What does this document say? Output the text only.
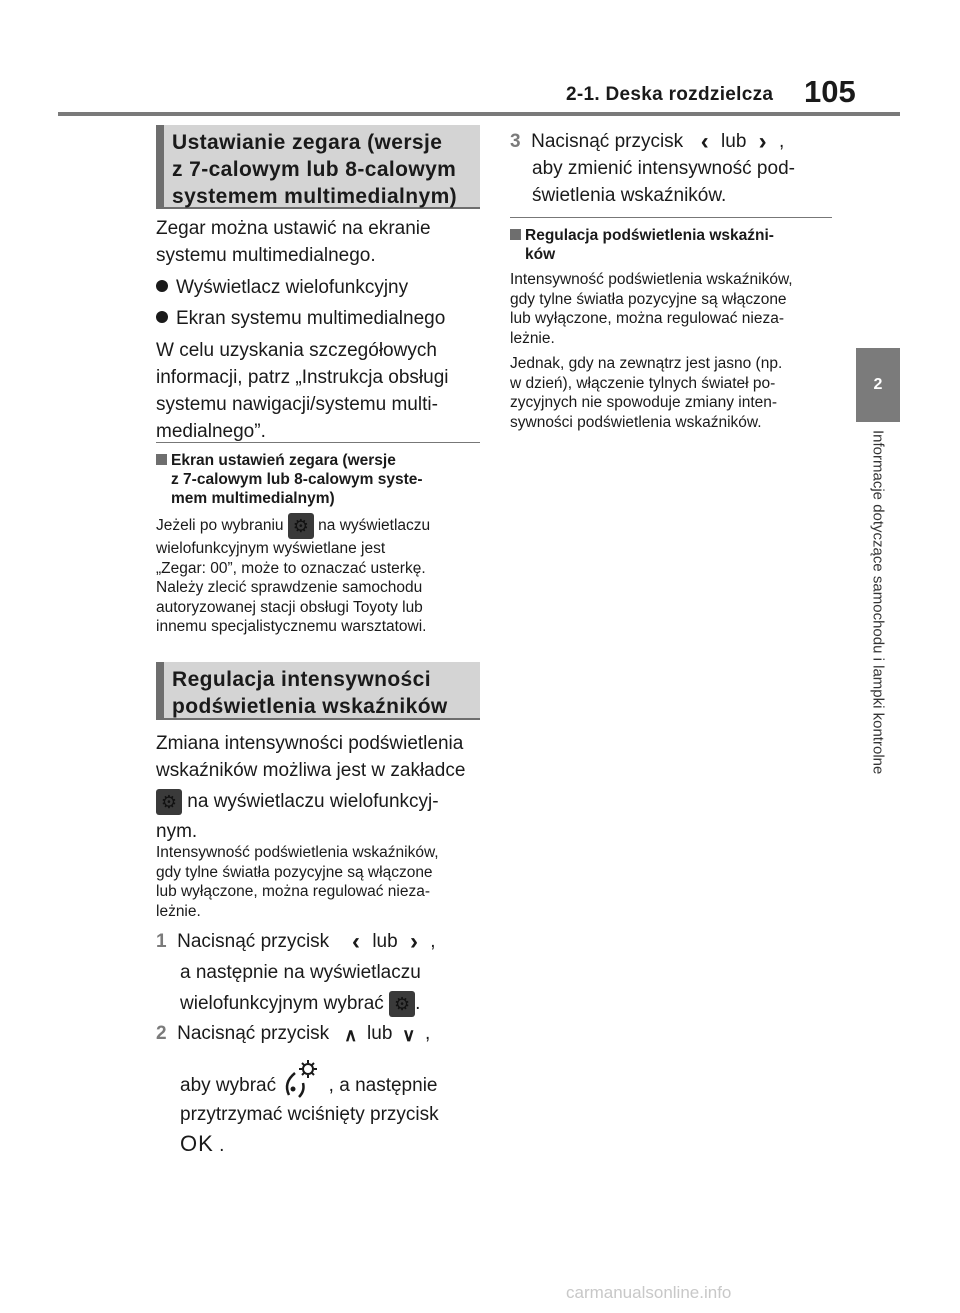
2-1. Deska rozdzielcza 105
2
Informacje dotyczące samochodu i lampki kontrolne
Ustawianie zegara (wersje
z 7-calowym lub 8-calowym
systemem multimedialnym)
Zegar można ustawić na ekranie
systemu multimedialnego.
Wyświetlacz wielofunkcyjny
Ekran systemu multimedialnego
W celu uzyskania szczegółowych
informacji, patrz „Instrukcja obsługi
systemu nawigacji/systemu multi-
medialnego”.
Ekran ustawień zegara (wersje
z 7-calowym lub 8-calowym syste-
mem multimedialnym)
Jeżeli po wybraniu ⚙ na wyświetlaczu
wielofunkcyjnym wyświetlane jest
„Zegar: 00”, może to oznaczać usterkę.
Należy zlecić sprawdzenie samochodu
autoryzowanej stacji obsługi Toyoty lub
innemu specjalistycznemu warsztatowi.
Regulacja intensywności
podświetlenia wskaźników
Zmiana intensywności podświetlenia
wskaźników możliwa jest w zakładce
⚙ na wyświetlaczu wielofunkcyj-
nym.
Intensywność podświetlenia wskaźników,
gdy tylne światła pozycyjne są włączone
lub wyłączone, można regulować nieza-
leżnie.
1 Nacisnąć przycisk ‹ lub › ,
a następnie na wyświetlaczu
wielofunkcyjnym wybrać ⚙ .
2 Nacisnąć przycisk ∧ lub ∨ ,
aby wybrać	, a następnie
przytrzymać wciśnięty przycisk
OK .
3 Nacisnąć przycisk ‹ lub › ,
aby zmienić intensywność pod-
świetlenia wskaźników.
Regulacja podświetlenia wskaźni-
ków
Intensywność podświetlenia wskaźników,
gdy tylne światła pozycyjne są włączone
lub wyłączone, można regulować nieza-
leżnie.
Jednak, gdy na zewnątrz jest jasno (np.
w dzień), włączenie tylnych świateł po-
zycyjnych nie spowoduje zmiany inten-
sywności podświetlenia wskaźników.
carmanualsonline.info
